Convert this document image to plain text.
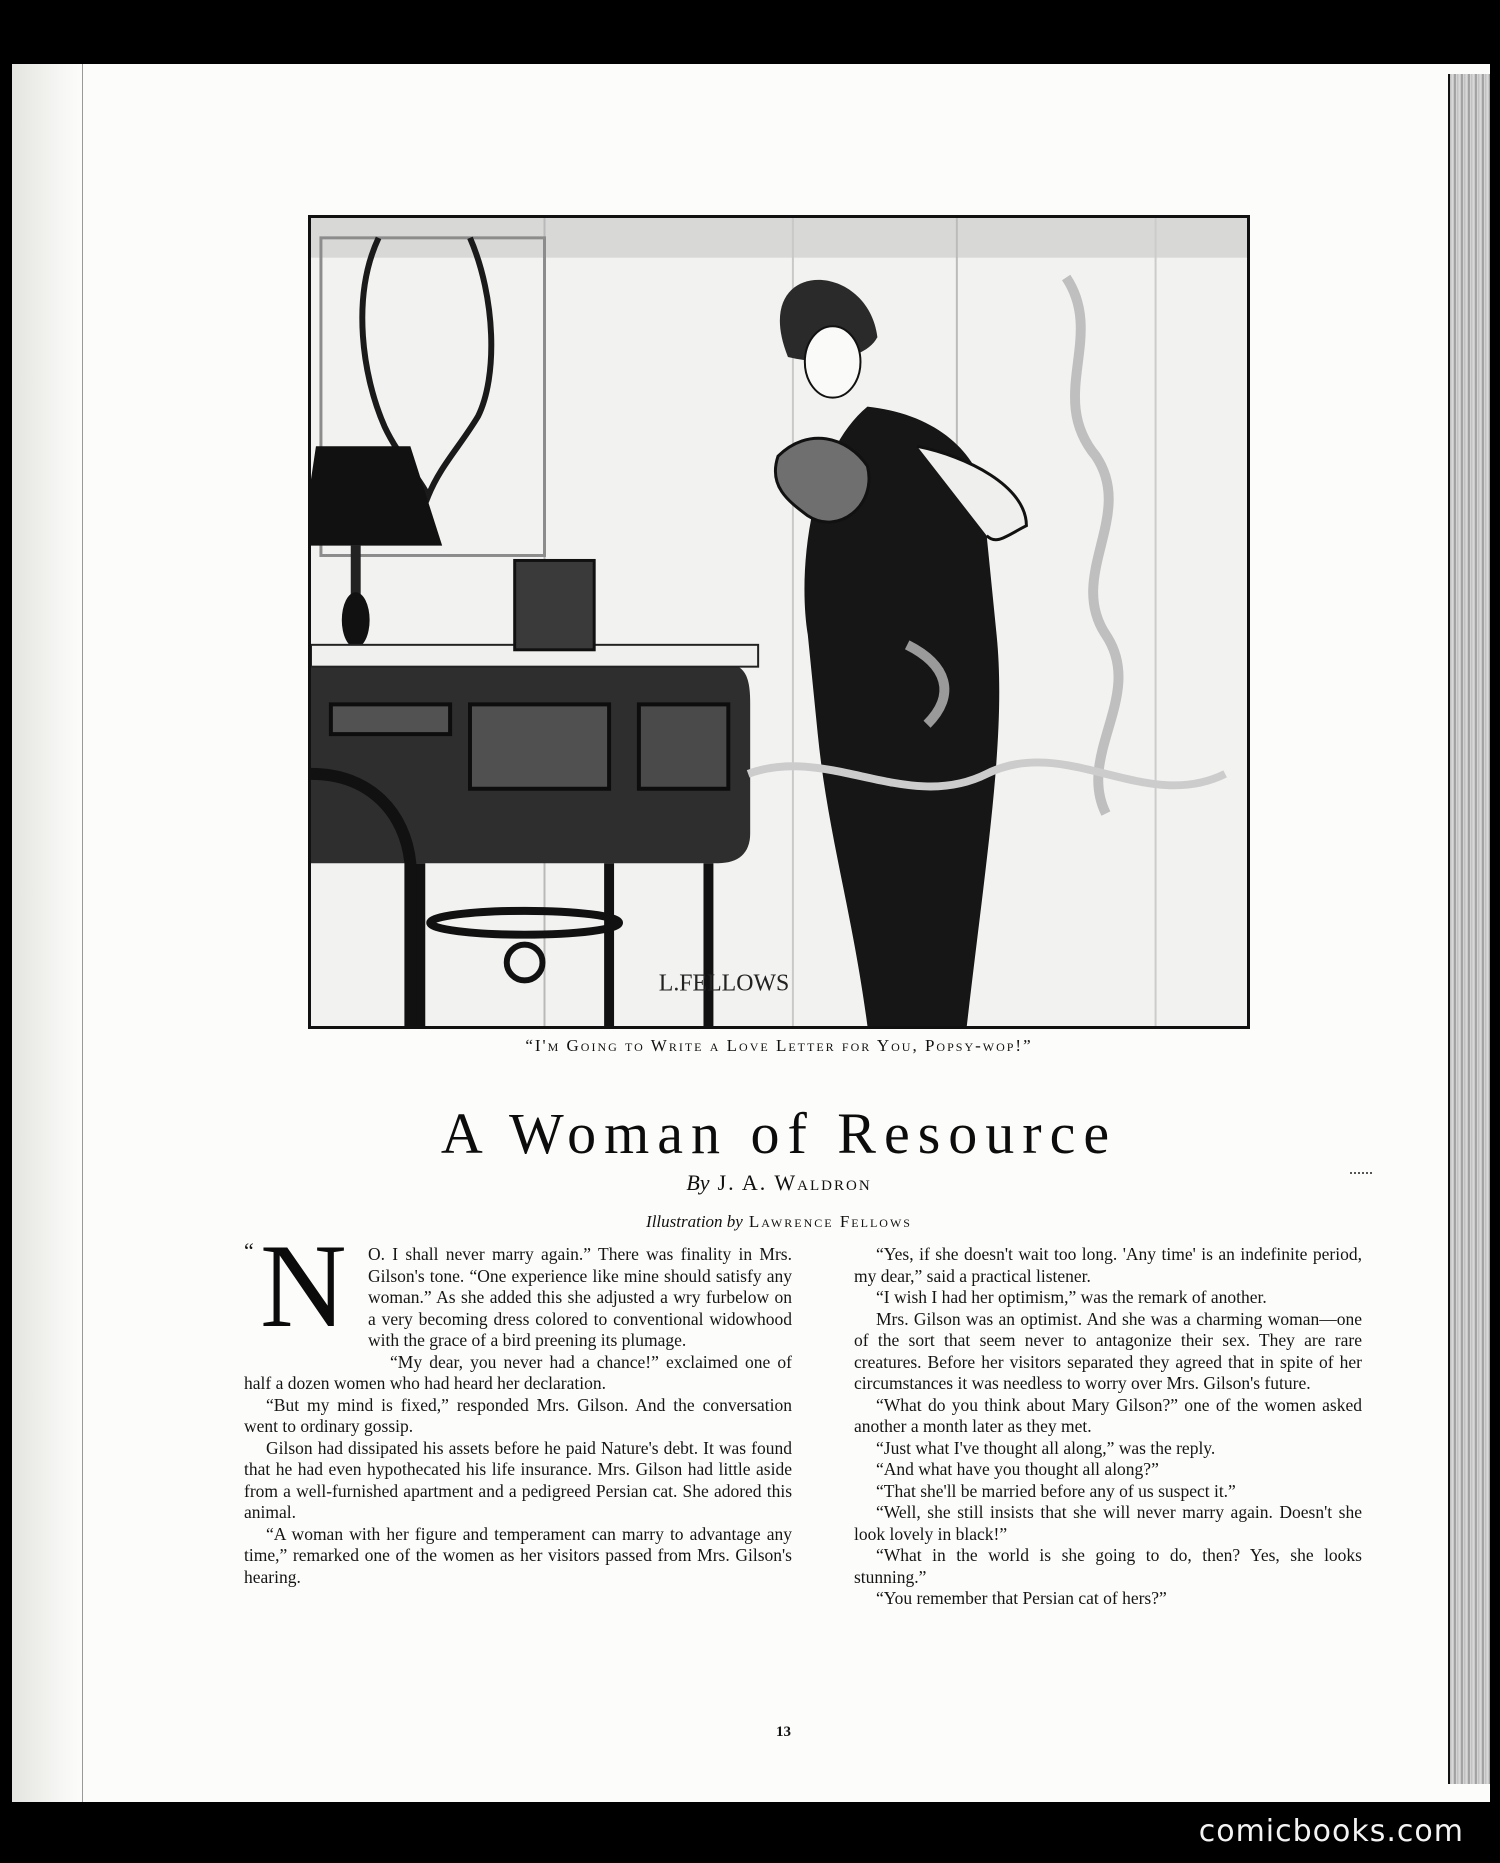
L.FELLOWS
“I'm Going to Write a Love Letter for You, Popsy-wop!”
A Woman of Resource
By J. A. Waldron
Illustration by Lawrence Fellows
“ N	O. I shall never marry again.” There was finality in Mrs. Gilson's tone. “One experience like mine should satisfy any woman.” As she added this she adjusted a wry furbelow on a very becoming dress colored to conventional widowhood with the grace of a bird preening its plumage.

“My dear, you never had a chance!” exclaimed one of half a dozen women who had heard her declaration.

“But my mind is fixed,” responded Mrs. Gilson. And the conversation went to ordinary gossip.

Gilson had dissipated his assets before he paid Nature's debt. It was found that he had even hypothecated his life insurance. Mrs. Gilson had little aside from a well-furnished apartment and a pedigreed Persian cat. She adored this animal.

“A woman with her figure and temperament can marry to advantage any time,” remarked one of the women as her visitors passed from Mrs. Gilson's hearing.

“Yes, if she doesn't wait too long. 'Any time' is an indefinite period, my dear,” said a practical listener.

“I wish I had her optimism,” was the remark of another.

Mrs. Gilson was an optimist. And she was a charming woman—one of the sort that seem never to antagonize their sex. They are rare creatures. Before her visitors separated they agreed that in spite of her circumstances it was needless to worry over Mrs. Gilson's future.

“What do you think about Mary Gilson?” one of the women asked another a month later as they met.

“Just what I've thought all along,” was the reply.

“And what have you thought all along?”

“That she'll be married before any of us suspect it.”

“Well, she still insists that she will never marry again. Doesn't she look lovely in black!”

“What in the world is she going to do, then? Yes, she looks stunning.”

“You remember that Persian cat of hers?”

13
comicbooks.com
